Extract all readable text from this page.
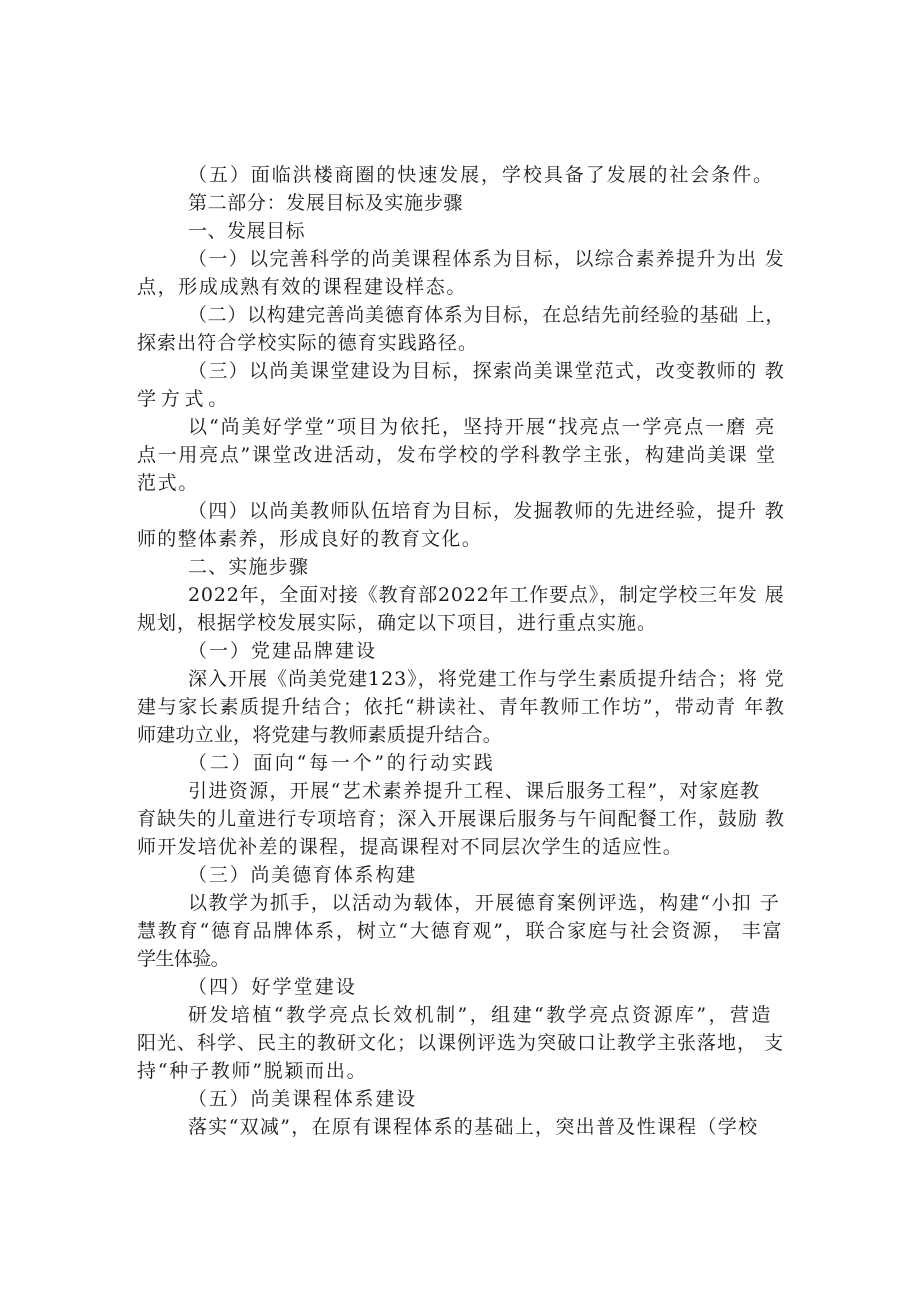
（五）面临洪楼商圈的快速发展，学校具备了发展的社会条件。
第二部分：发展目标及实施步骤
一、发展目标
（一）以完善科学的尚美课程体系为目标，以综合素养提升为出 发
点，形成成熟有效的课程建设样态。
（二）以构建完善尚美德育体系为目标，在总结先前经验的基础 上，
探索出符合学校实际的德育实践路径。
（三）以尚美课堂建设为目标，探索尚美课堂范式，改变教师的 教
学方式。
以“尚美好学堂”项目为依托，坚持开展“找亮点一学亮点一磨 亮
点一用亮点”课堂改进活动，发布学校的学科教学主张，构建尚美课 堂
范式。
（四）以尚美教师队伍培育为目标，发掘教师的先进经验，提升 教
师的整体素养，形成良好的教育文化。
二、实施步骤
2022年，全面对接《教育部2022年工作要点》，制定学校三年发 展
规划，根据学校发展实际，确定以下项目，进行重点实施。
（一）党建品牌建设
深入开展《尚美党建123》，将党建工作与学生素质提升结合；将 党
建与家长素质提升结合；依托“耕读社、青年教师工作坊”，带动青 年教
师建功立业，将党建与教师素质提升结合。
（二）面向“每一个”的行动实践
引进资源，开展“艺术素养提升工程、课后服务工程”，对家庭教
育缺失的儿童进行专项培育；深入开展课后服务与午间配餐工作，鼓励 教
师开发培优补差的课程，提高课程对不同层次学生的适应性。
（三）尚美德育体系构建
以教学为抓手，以活动为载体，开展德育案例评选，构建“小扣 子
慧教育“德育品牌体系，树立“大德育观”，联合家庭与社会资源， 丰富
学生体验。
（四）好学堂建设
研发培植“教学亮点长效机制”，组建“教学亮点资源库”，营造
阳光、科学、民主的教研文化；以课例评选为突破口让教学主张落地， 支
持“种子教师”脱颖而出。
（五）尚美课程体系建设
落实“双减”，在原有课程体系的基础上，突出普及性课程（学校
